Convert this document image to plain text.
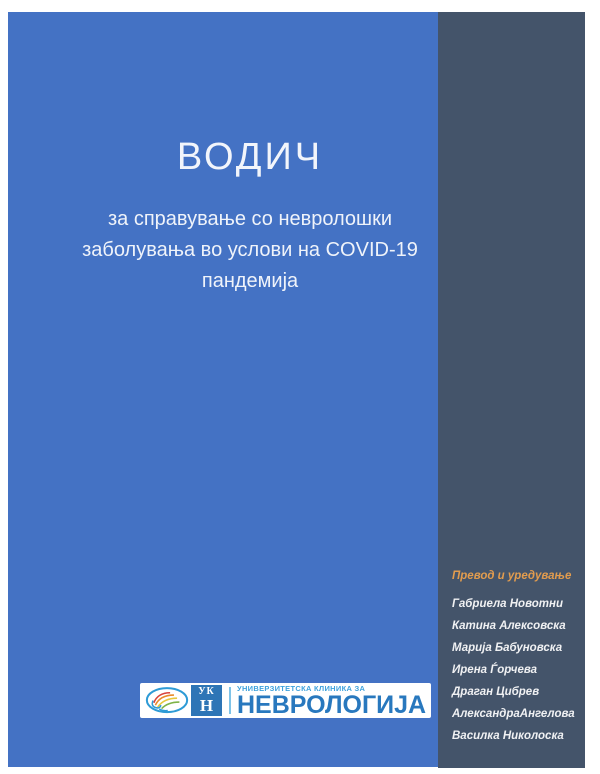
ВОДИЧ
за справување со невролошки
заболувања во услови на COVID-19
пандемија
УК
Н
УНИВЕРЗИТЕТСКА КЛИНИКА ЗА
НЕВРОЛОГИЈА
Превод и уредување
Габриела Новотни
Катина Алексовска
Марија Бабуновска
Ирена Ѓорчева
Драган Цибрев
АлександраАнгелова
Василка Николоска
